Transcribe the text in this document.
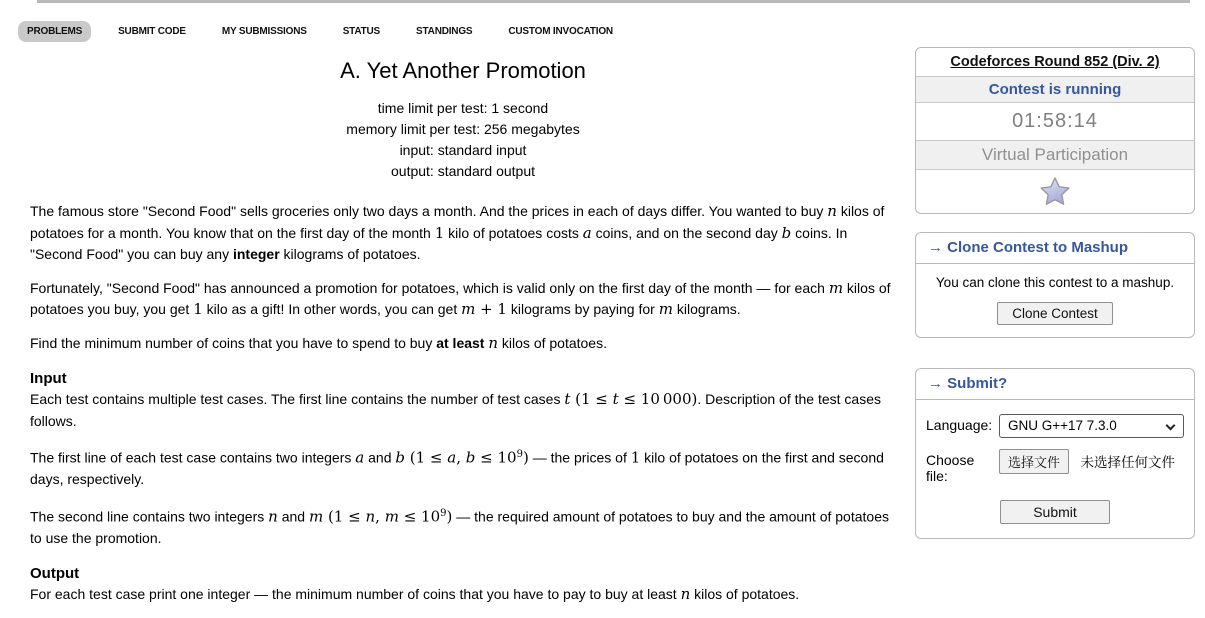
PROBLEMS	SUBMIT CODE	MY SUBMISSIONS	STATUS	STANDINGS	CUSTOM INVOCATION
A. Yet Another Promotion
time limit per test: 1 second
memory limit per test: 256 megabytes
input: standard input
output: standard output

The famous store "Second Food" sells groceries only two days a month. And the prices in each of days differ. You wanted to buy n kilos of potatoes for a month. You know that on the first day of the month 1 kilo of potatoes costs a coins, and on the second day b coins. In "Second Food" you can buy any integer kilograms of potatoes.

Fortunately, "Second Food" has announced a promotion for potatoes, which is valid only on the first day of the month — for each m kilos of potatoes you buy, you get 1 kilo as a gift! In other words, you can get m + 1 kilograms by paying for m kilograms.

Find the minimum number of coins that you have to spend to buy at least n kilos of potatoes.

Input

Each test contains multiple test cases. The first line contains the number of test cases t (1 ≤ t ≤ 10 000). Description of the test cases follows.

The first line of each test case contains two integers a and b (1 ≤ a, $b \le 10^9$) — the prices of 1 kilo of potatoes on the first and second days, respectively.

The second line contains two integers n and m (1 ≤ n, $m \le 10^9$) — the required amount of potatoes to buy and the amount of potatoes to use the promotion.

Output

For each test case print one integer — the minimum number of coins that you have to pay to buy at least n kilos of potatoes.

Codeforces Round 852 (Div. 2)
Contest is running
01:58:14
Virtual Participation
→ Clone Contest to Mashup
You can clone this contest to a mashup.
Clone Contest
→ Submit?
Language:	GNU G++17 7.3.0
Choose file:
选择文件 未选择任何文件
Submit
